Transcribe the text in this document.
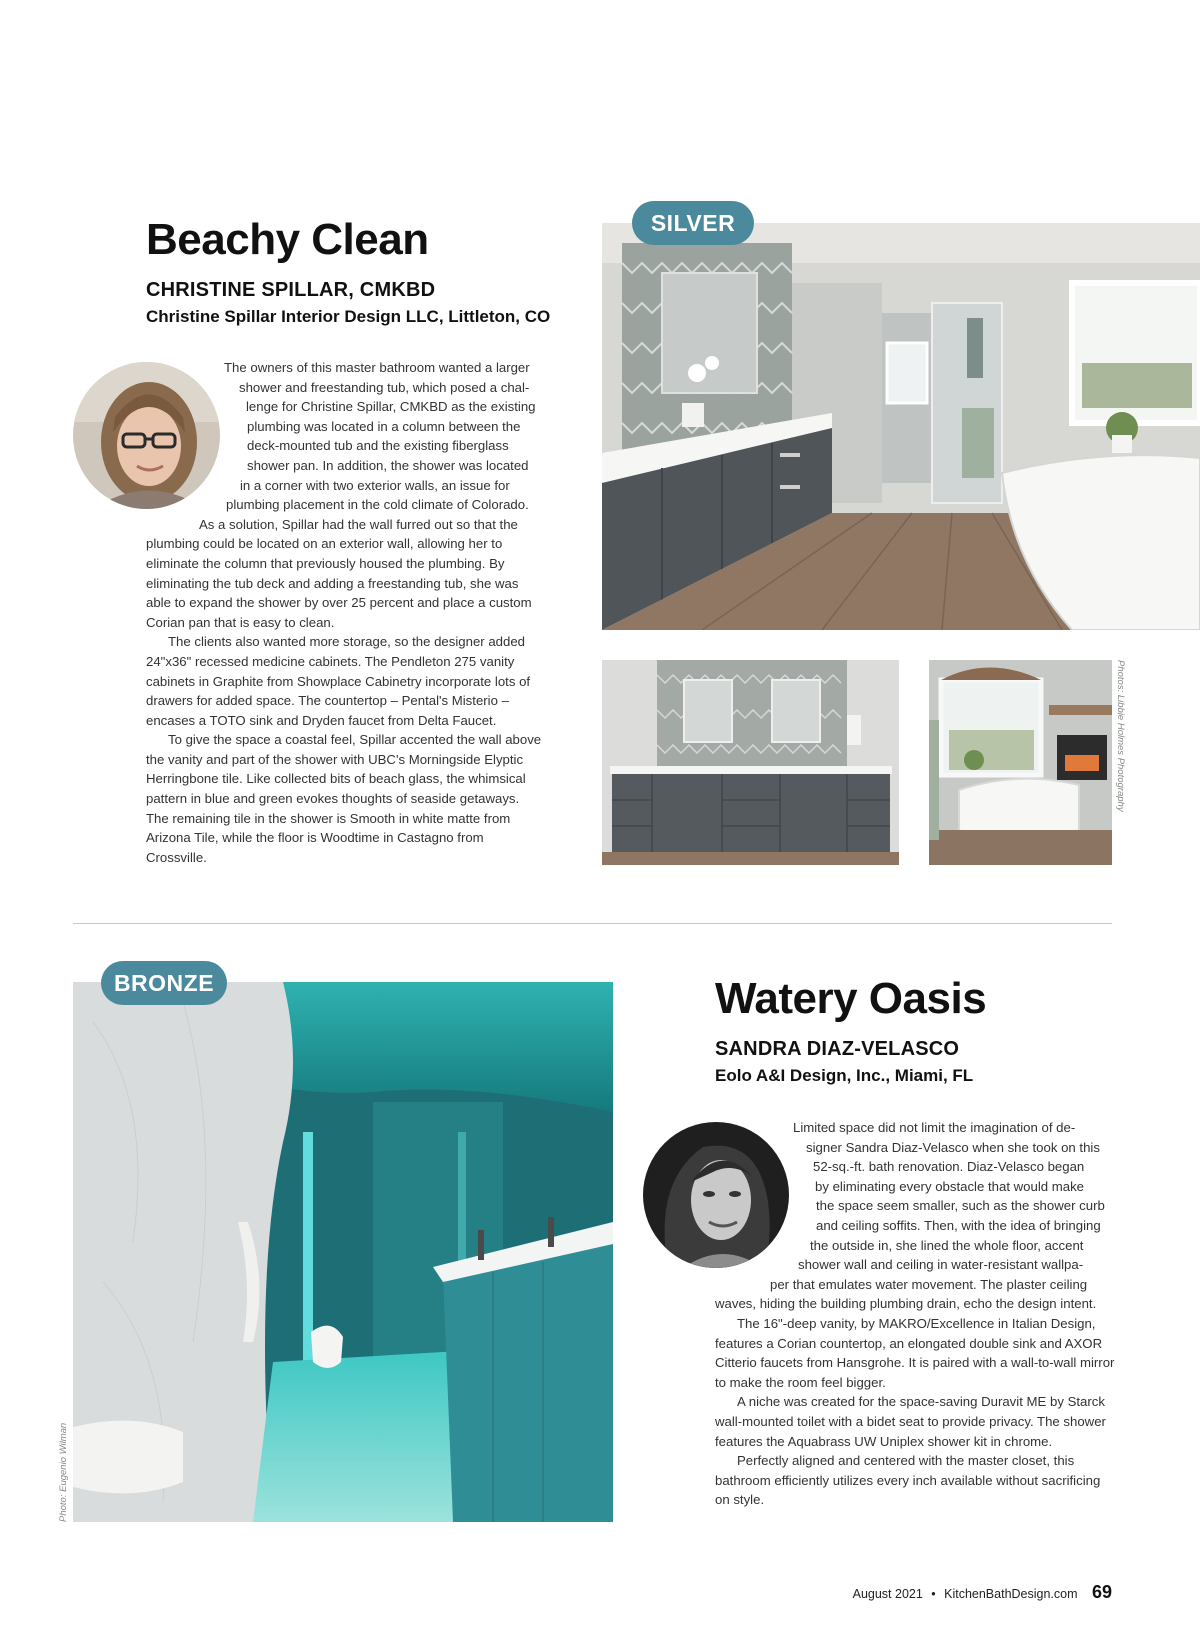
Beachy Clean
CHRISTINE SPILLAR, CMKBD
Christine Spillar Interior Design LLC, Littleton, CO
The owners of this master bathroom wanted a larger
shower and freestanding tub, which posed a chal-
lenge for Christine Spillar, CMKBD as the existing
plumbing was located in a column between the
deck-mounted tub and the existing fiberglass
shower pan. In addition, the shower was located
in a corner with two exterior walls, an issue for
plumbing placement in the cold climate of Colorado.
As a solution, Spillar had the wall furred out so that the

plumbing could be located on an exterior wall, allowing her to eliminate the column that previously housed the plumbing. By eliminating the tub deck and adding a freestanding tub, she was able to expand the shower by over 25 percent and place a custom Corian pan that is easy to clean.

The clients also wanted more storage, so the designer added 24"x36" recessed medicine cabinets. The Pendleton 275 vanity cabinets in Graphite from Showplace Cabinetry incorporate lots of drawers for added space. The countertop – Pental's Misterio – encases a TOTO sink and Dryden faucet from Delta Faucet.

To give the space a coastal feel, Spillar accented the wall above the vanity and part of the shower with UBC's Morningside Elyptic Herringbone tile. Like collected bits of beach glass, the whimsical pattern in blue and green evokes thoughts of seaside getaways. The remaining tile in the shower is Smooth in white matte from Arizona Tile, while the floor is Woodtime in Castagno from Crossville.

SILVER
Photos: Libbie Holmes Photography
BRONZE
Photo: Eugenio Wilman
Watery Oasis
SANDRA DIAZ-VELASCO
Eolo A&I Design, Inc., Miami, FL
Limited space did not limit the imagination of de-
signer Sandra Diaz-Velasco when she took on this
52-sq.-ft. bath renovation. Diaz-Velasco began
by eliminating every obstacle that would make
the space seem smaller, such as the shower curb
and ceiling soffits. Then, with the idea of bringing
the outside in, she lined the whole floor, accent
shower wall and ceiling in water-resistant wallpa-
per that emulates water movement. The plaster ceiling

waves, hiding the building plumbing drain, echo the design intent.

The 16"-deep vanity, by MAKRO/Excellence in Italian Design, features a Corian countertop, an elongated double sink and AXOR Citterio faucets from Hansgrohe. It is paired with a wall-to-wall mirror to make the room feel bigger.

A niche was created for the space-saving Duravit ME by Starck wall-mounted toilet with a bidet seat to provide privacy. The shower features the Aquabrass UW Uniplex shower kit in chrome.

Perfectly aligned and centered with the master closet, this bathroom efficiently utilizes every inch available without sacrificing on style.

August 2021 • KitchenBathDesign.com 69
